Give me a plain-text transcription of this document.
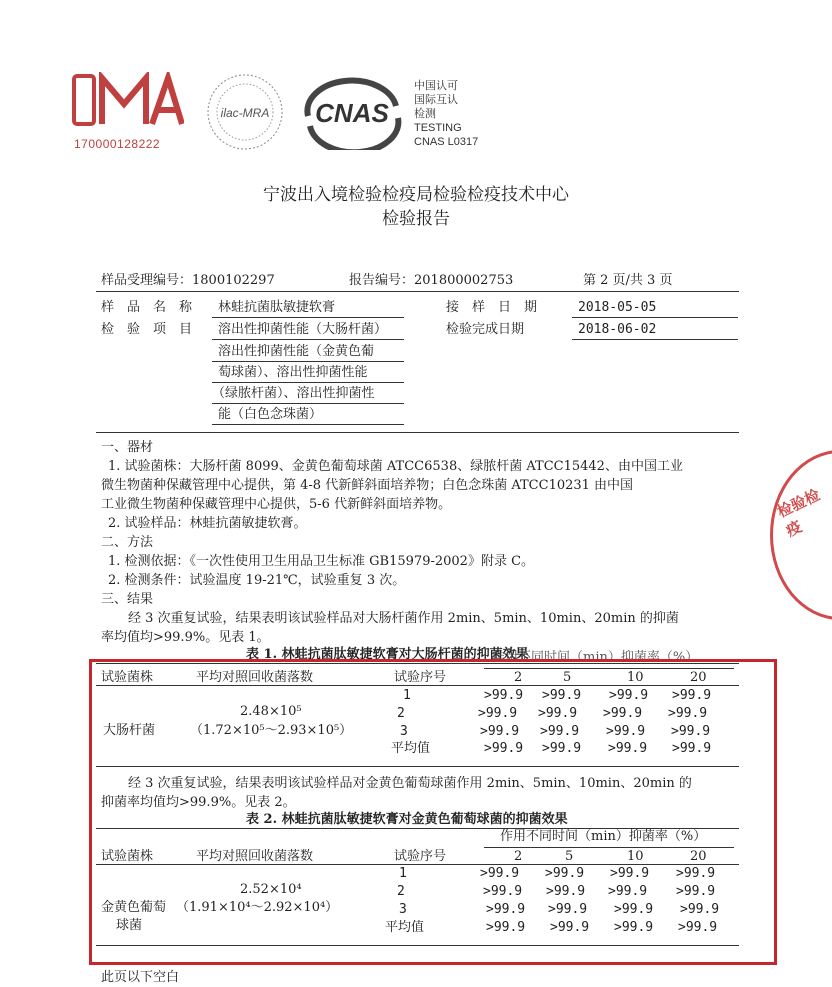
170000128222
ilac-MRA CNAS
中国认可
国际互认
检测
TESTING
CNAS L0317
宁波出入境检验检疫局检验检疫技术中心
检验报告
样品受理编号：1800102297	报告编号：201800002753	第 2 页/共 3 页
样　品　名　称 林蛙抗菌肽敏捷软膏	接　样　日　期	2018-05-05
检　验　项　目 溶出性抑菌性能（大肠杆菌）
溶出性抑菌性能（金黄色葡
萄球菌）、溶出性抑菌性能
（绿脓杆菌）、溶出性抑菌性
能（白色念珠菌）
检验完成日期	2018-06-02
一、器材
1. 试验菌株：大肠杆菌 8099、金黄色葡萄球菌 ATCC6538、绿脓杆菌 ATCC15442、由中国工业
微生物菌种保藏管理中心提供，第 4-8 代新鲜斜面培养物；白色念珠菌 ATCC10231 由中国
工业微生物菌种保藏管理中心提供，5-6 代新鲜斜面培养物。
2. 试验样品：林蛙抗菌敏捷软膏。
二、方法
1. 检测依据：《一次性使用卫生用品卫生标准 GB15979-2002》附录 C。
2. 检测条件：试验温度 19-21℃，试验重复 3 次。
三、结果
经 3 次重复试验，结果表明该试验样品对大肠杆菌作用 2min、5min、10min、20min 的抑菌
率均值均>99.9%。见表 1。
表 1. 林蛙抗菌肽敏捷软膏对大肠杆菌的抑菌效果
作用不同时间（min）抑菌率（%）
试验菌株	平均对照回收菌落数	试验序号	2	5	10	20
大肠杆菌
2.48×10⁵
（1.72×10⁵～2.93×10⁵）
1	>99.9 >99.9 >99.9 >99.9
2	>99.9 >99.9 >99.9 >99.9
3	>99.9 >99.9 >99.9 >99.9
平均值	>99.9 >99.9 >99.9 >99.9
经 3 次重复试验，结果表明该试验样品对金黄色葡萄球菌作用 2min、5min、10min、20min 的
抑菌率均值均>99.9%。见表 2。
表 2. 林蛙抗菌肽敏捷软膏对金黄色葡萄球菌的抑菌效果
作用不同时间（min）抑菌率（%）
试验菌株	平均对照回收菌落数	试验序号	2	5	10	20
金黄色葡萄
球菌
2.52×10⁴
（1.91×10⁴～2.92×10⁴）
1	>99.9 >99.9 >99.9 >99.9
2	>99.9 >99.9 >99.9 >99.9
3	>99.9 >99.9 >99.9 >99.9
平均值	>99.9 >99.9 >99.9 >99.9
此页以下空白
检验检疫
